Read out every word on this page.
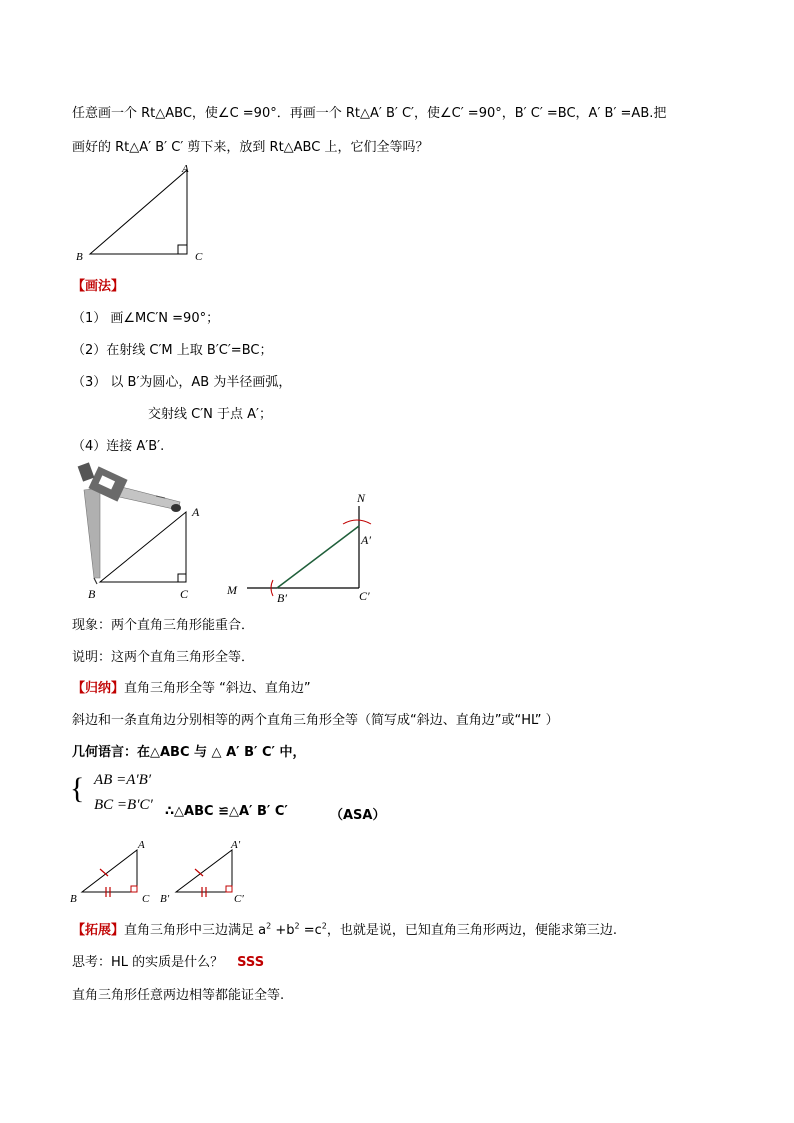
任意画一个 Rt△ABC，使∠C =90°．再画一个 Rt△A′ B′ C′，使∠C′ =90°，B′ C′ =BC，A′ B′ =AB.把
画好的 Rt△A′ B′ C′ 剪下来，放到 Rt△ABC 上，它们全等吗？
A
B	C
【画法】
（1） 画∠MC′N =90°；
（2）在射线 C′M 上取 B′C′=BC；
（3） 以 B′为圆心，AB 为半径画弧，
交射线 C′N 于点 A′；
（4）连接 A′B′.
A
B	C
N
A′
M
B′	C′
现象：两个直角三角形能重合．
说明：这两个直角三角形全等．
【归纳】直角三角形全等 “斜边、直角边”
斜边和一条直角边分别相等的两个直角三角形全等（简写成“斜边、直角边”或“HL” ）
几何语言：在△ABC 与 △ A′ B′ C′ 中，
{ AB =A′B′
BC =B′C′ ∴△ABC ≌△A′ B′ C′	（ASA）
A
B	C
A′
B′	C′
【拓展】直角三角形中三边满足 $a^2 +b^2 =c^2$，也就是说，已知直角三角形两边，便能求第三边.
思考：HL 的实质是什么？ SSS
直角三角形任意两边相等都能证全等.
